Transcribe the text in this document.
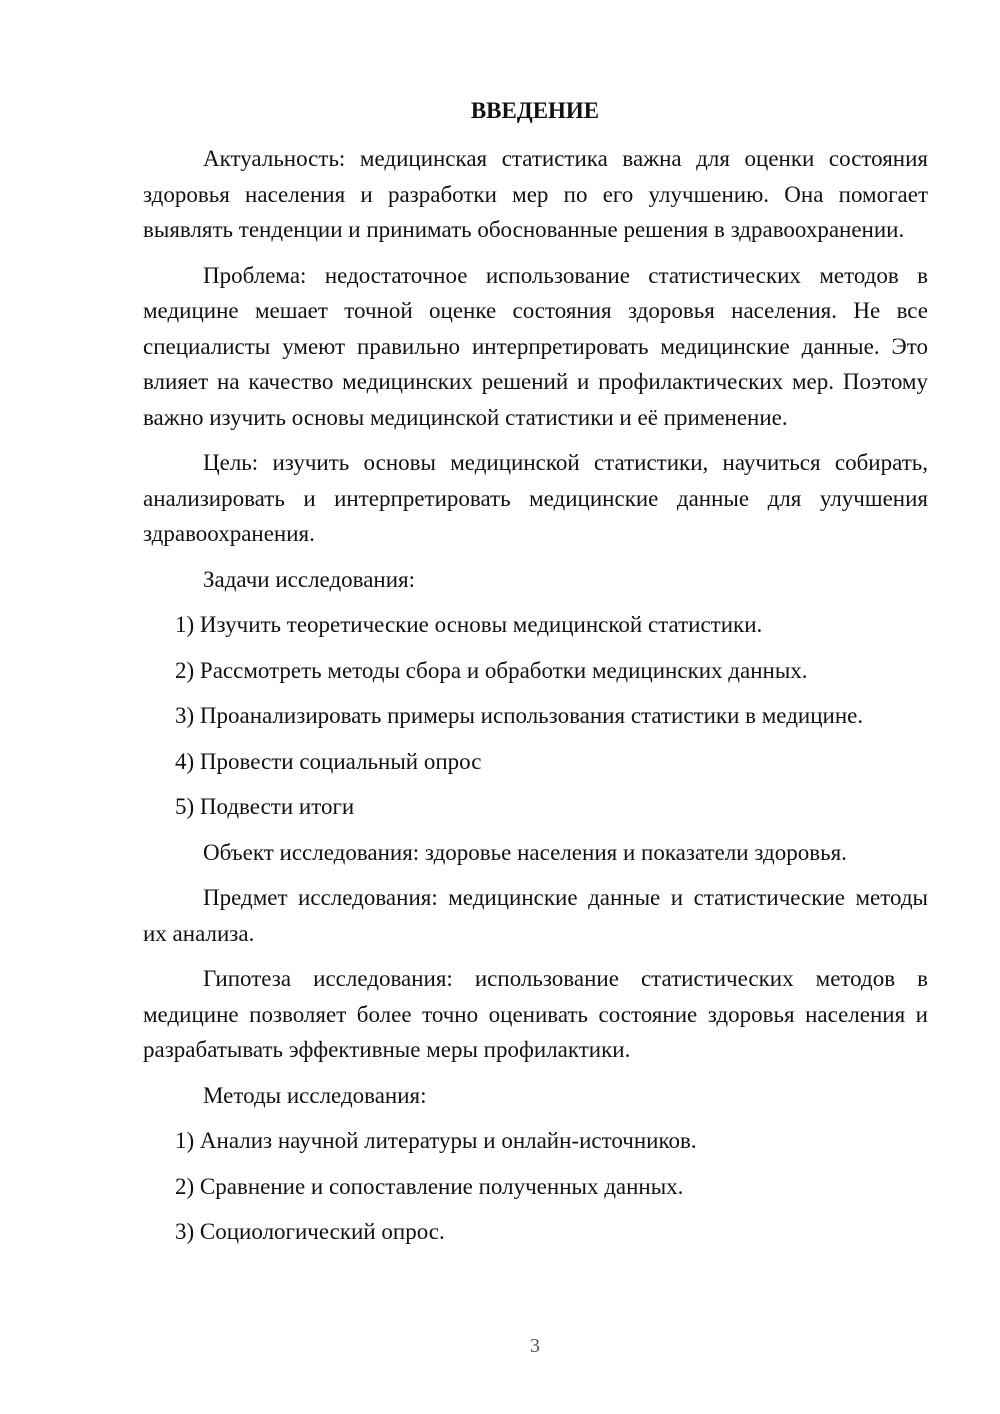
ВВЕДЕНИЕ

Актуальность: медицинская статистика важна для оценки состояния здоровья населения и разработки мер по его улучшению. Она помогает выявлять тенденции и принимать обоснованные решения в здравоохранении.

Проблема: недостаточное использование статистических методов в медицине мешает точной оценке состояния здоровья населения. Не все специалисты умеют правильно интерпретировать медицинские данные. Это влияет на качество медицинских решений и профилактических мер. Поэтому важно изучить основы медицинской статистики и её применение.

Цель: изучить основы медицинской статистики, научиться собирать, анализировать и интерпретировать медицинские данные для улучшения здравоохранения.

Задачи исследования:

1) Изучить теоретические основы медицинской статистики.

2) Рассмотреть методы сбора и обработки медицинских данных.

3) Проанализировать примеры использования статистики в медицине.

4) Провести социальный опрос

5) Подвести итоги

Объект исследования: здоровье населения и показатели здоровья.

Предмет исследования: медицинские данные и статистические методы их анализа.

Гипотеза исследования: использование статистических методов в медицине позволяет более точно оценивать состояние здоровья населения и разрабатывать эффективные меры профилактики.

Методы исследования:

1) Анализ научной литературы и онлайн-источников.

2) Сравнение и сопоставление полученных данных.

3) Социологический опрос.

3
